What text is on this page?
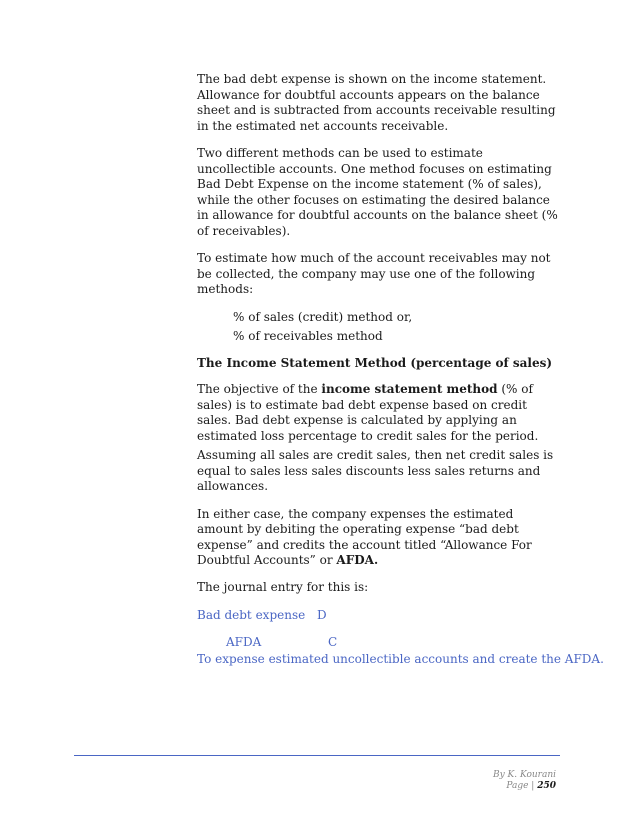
The bad debt expense is shown on the income statement. Allowance for doubtful accounts appears on the balance sheet and is subtracted from accounts receivable resulting in the estimated net accounts receivable.

Two different methods can be used to estimate uncollectible accounts. One method focuses on estimating Bad Debt Expense on the income statement (% of sales), while the other focuses on estimating the desired balance in allowance for doubtful accounts on the balance sheet (% of receivables).

To estimate how much of the account receivables may not be collected, the company may use one of the following methods:

% of sales (credit) method or,
% of receivables method

The Income Statement Method (percentage of sales)

The objective of the income statement method (% of sales) is to estimate bad debt expense based on credit sales. Bad debt expense is calculated by applying an estimated loss percentage to credit sales for the period.

Assuming all sales are credit sales, then net credit sales is equal to sales less sales discounts less sales returns and allowances.

In either case, the company expenses the estimated amount by debiting the operating expense “bad debt expense” and credits the account titled “Allowance For Doubtful Accounts” or AFDA.

The journal entry for this is:

Bad debt expense D
AFDA	C
To expense estimated uncollectible accounts and create the AFDA.
By K. Kourani
Page | 250
